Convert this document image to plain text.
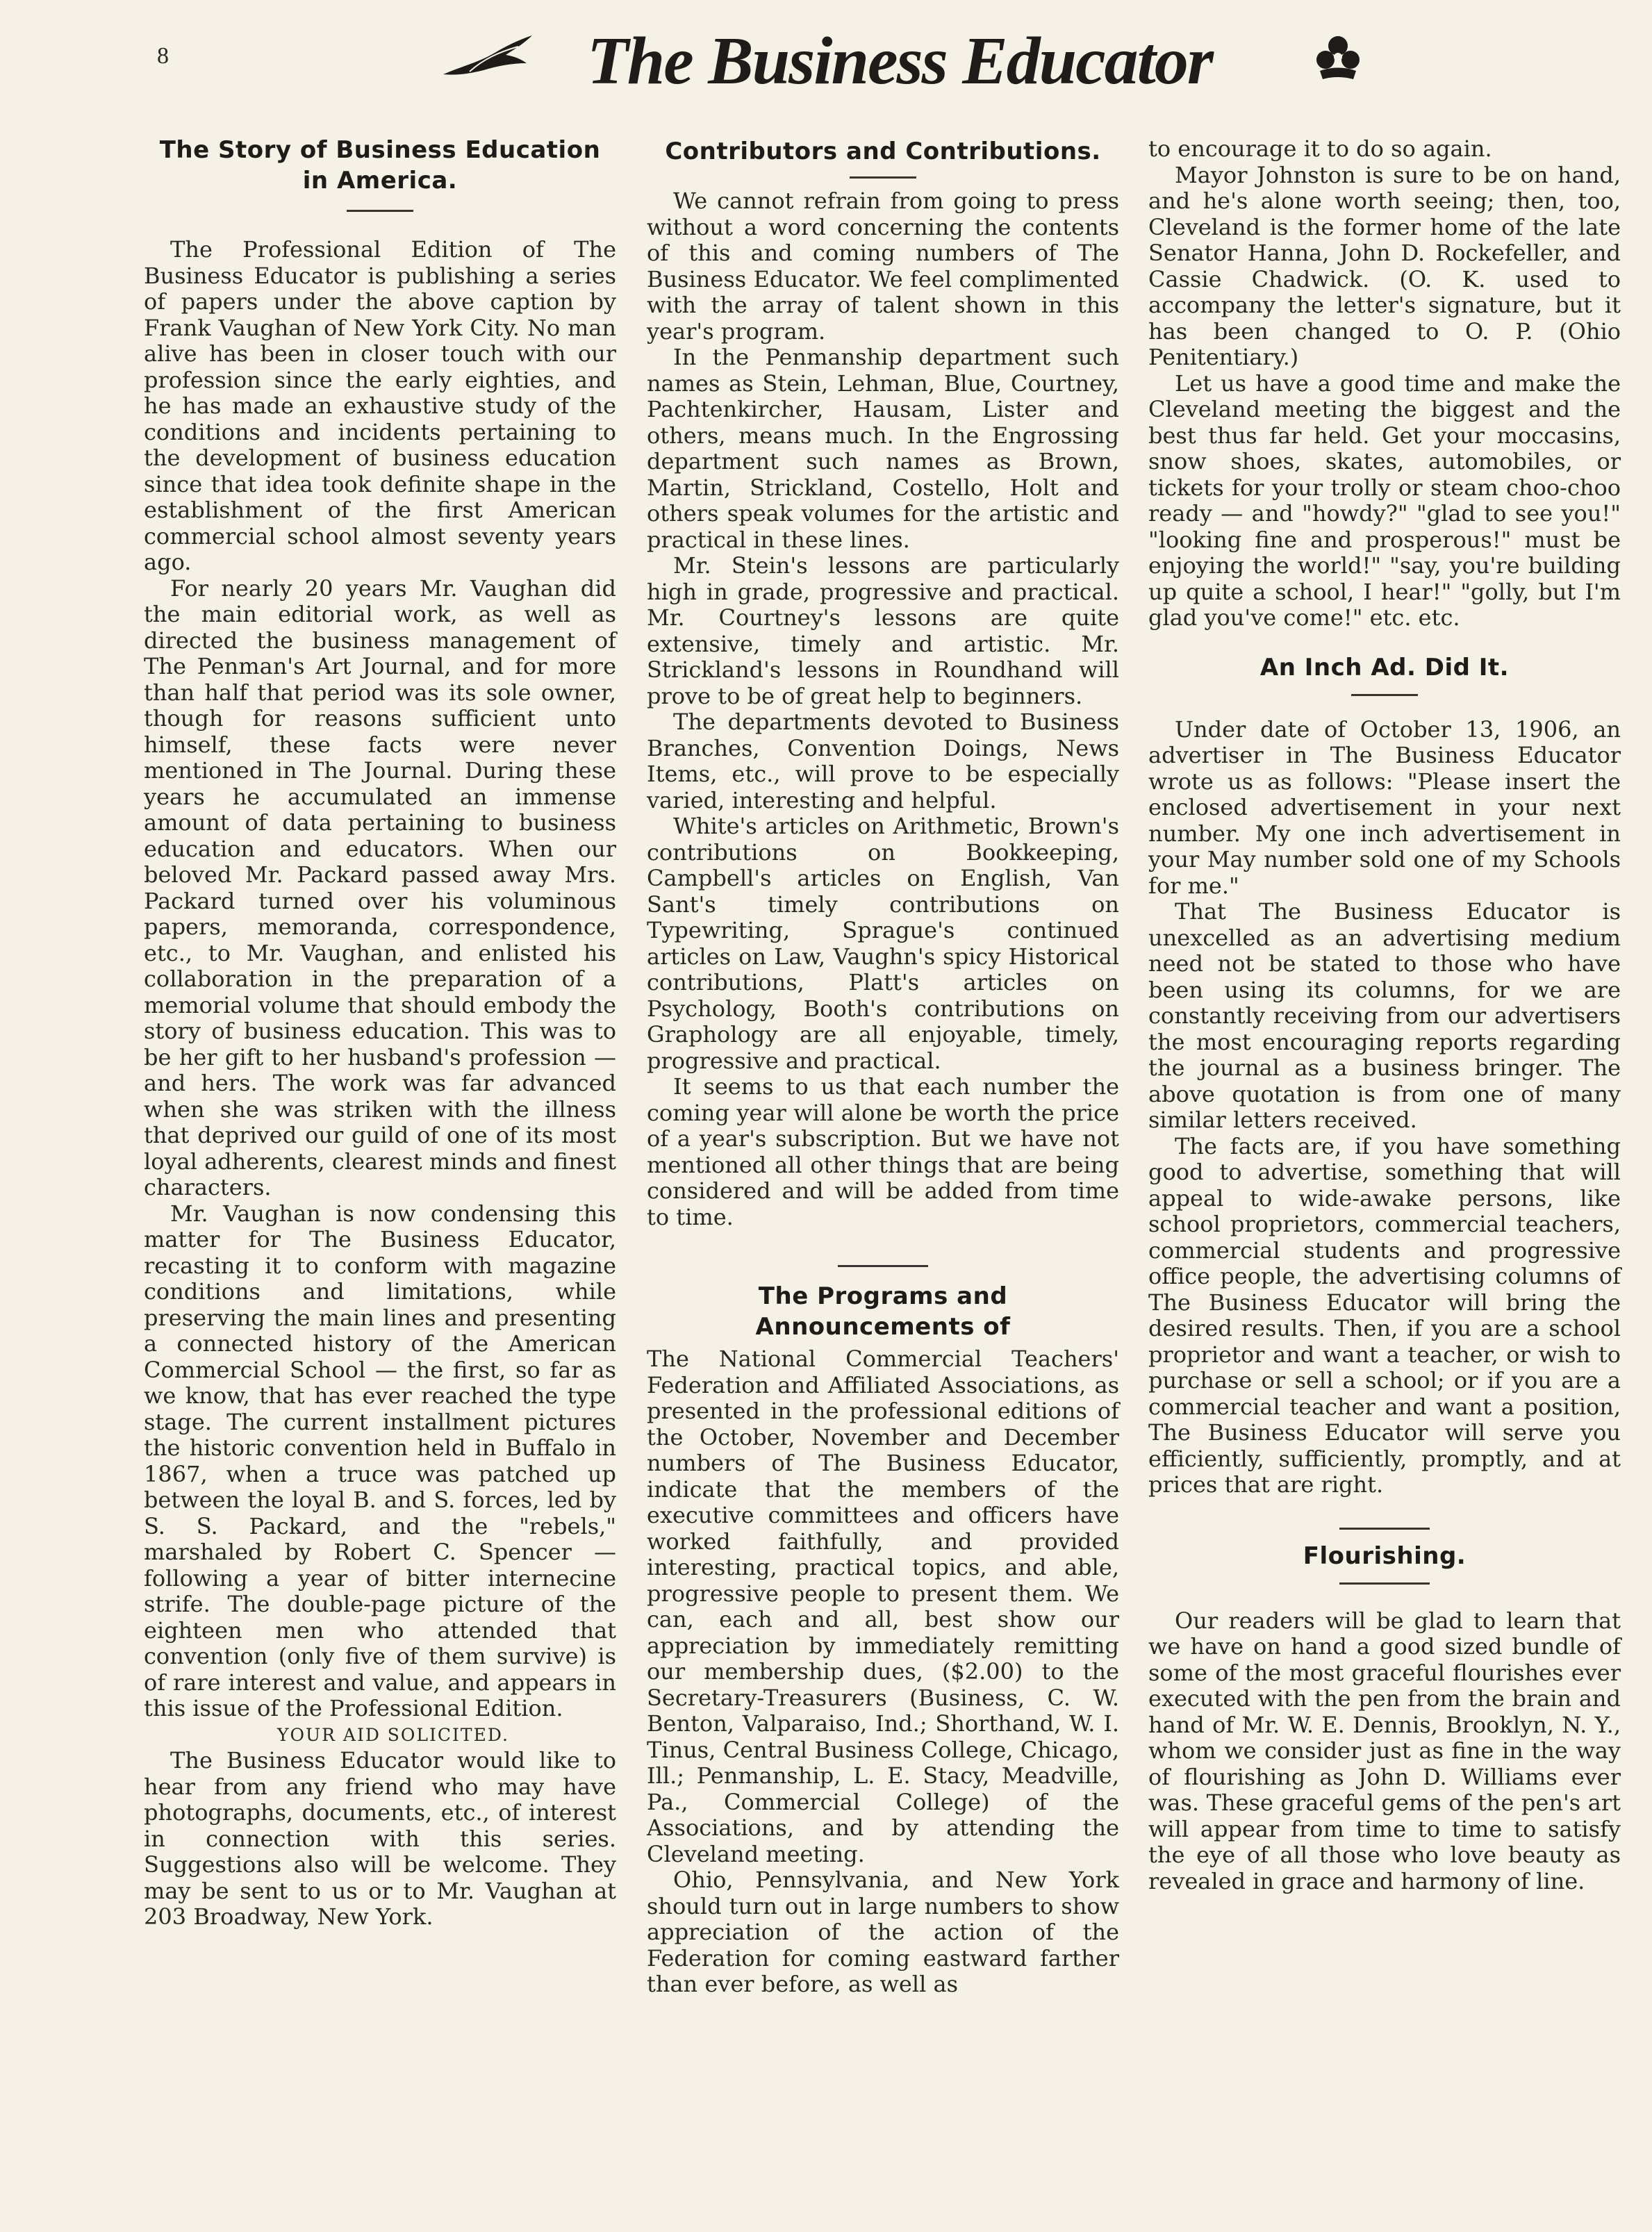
8	The Business Educator
The Story of Business Education in America.

The Professional Edition of The Business Educator is publishing a series of papers under the above caption by Frank Vaughan of New York City. No man alive has been in closer touch with our profession since the early eighties, and he has made an exhaustive study of the conditions and incidents pertaining to the development of business education since that idea took definite shape in the establishment of the first American commercial school almost seventy years ago.

For nearly 20 years Mr. Vaughan did the main editorial work, as well as directed the business management of The Penman's Art Journal, and for more than half that period was its sole owner, though for reasons sufficient unto himself, these facts were never mentioned in The Journal. During these years he accumulated an immense amount of data pertaining to business education and educators. When our beloved Mr. Packard passed away Mrs. Packard turned over his voluminous papers, memoranda, correspondence, etc., to Mr. Vaughan, and enlisted his collaboration in the preparation of a memorial volume that should embody the story of business education. This was to be her gift to her husband's profession — and hers. The work was far advanced when she was striken with the illness that deprived our guild of one of its most loyal adherents, clearest minds and finest characters.

Mr. Vaughan is now condensing this matter for The Business Educator, recasting it to conform with magazine conditions and limitations, while preserving the main lines and presenting a connected history of the American Commercial School — the first, so far as we know, that has ever reached the type stage. The current installment pictures the historic convention held in Buffalo in 1867, when a truce was patched up between the loyal B. and S. forces, led by S. S. Packard, and the "rebels," marshaled by Robert C. Spencer — following a year of bitter internecine strife. The double-page picture of the eighteen men who attended that convention (only five of them survive) is of rare interest and value, and appears in this issue of the Professional Edition.

YOUR AID SOLICITED.

The Business Educator would like to hear from any friend who may have photographs, documents, etc., of interest in connection with this series. Suggestions also will be welcome. They may be sent to us or to Mr. Vaughan at 203 Broadway, New York.

Contributors and Contributions.

We cannot refrain from going to press without a word concerning the contents of this and coming numbers of The Business Educator. We feel complimented with the array of talent shown in this year's program.

In the Penmanship department such names as Stein, Lehman, Blue, Courtney, Pachtenkircher, Hausam, Lister and others, means much. In the Engrossing department such names as Brown, Martin, Strickland, Costello, Holt and others speak volumes for the artistic and practical in these lines.

Mr. Stein's lessons are particularly high in grade, progressive and practical. Mr. Courtney's lessons are quite extensive, timely and artistic. Mr. Strickland's lessons in Roundhand will prove to be of great help to beginners.

The departments devoted to Business Branches, Convention Doings, News Items, etc., will prove to be especially varied, interesting and helpful.

White's articles on Arithmetic, Brown's contributions on Bookkeeping, Campbell's articles on English, Van Sant's timely contributions on Typewriting, Sprague's continued articles on Law, Vaughn's spicy Historical contributions, Platt's articles on Psychology, Booth's contributions on Graphology are all enjoyable, timely, progressive and practical.

It seems to us that each number the coming year will alone be worth the price of a year's subscription. But we have not mentioned all other things that are being considered and will be added from time to time.

The Programs and Announcements of

The National Commercial Teachers' Federation and Affiliated Associations, as presented in the professional editions of the October, November and December numbers of The Business Educator, indicate that the members of the executive committees and officers have worked faithfully, and provided interesting, practical topics, and able, progressive people to present them. We can, each and all, best show our appreciation by immediately remitting our membership dues, ($2.00) to the Secretary-Treasurers (Business, C. W. Benton, Valparaiso, Ind.; Shorthand, W. I. Tinus, Central Business College, Chicago, Ill.; Penmanship, L. E. Stacy, Meadville, Pa., Commercial College) of the Associations, and by attending the Cleveland meeting.

Ohio, Pennsylvania, and New York should turn out in large numbers to show appreciation of the action of the Federation for coming eastward farther than ever before, as well as

to encourage it to do so again.

Mayor Johnston is sure to be on hand, and he's alone worth seeing; then, too, Cleveland is the former home of the late Senator Hanna, John D. Rockefeller, and Cassie Chadwick. (O. K. used to accompany the letter's signature, but it has been changed to O. P. (Ohio Penitentiary.)

Let us have a good time and make the Cleveland meeting the biggest and the best thus far held. Get your moccasins, snow shoes, skates, automobiles, or tickets for your trolly or steam choo-choo ready — and "howdy?" "glad to see you!" "looking fine and prosperous!" must be enjoying the world!" "say, you're building up quite a school, I hear!" "golly, but I'm glad you've come!" etc. etc.

An Inch Ad. Did It.

Under date of October 13, 1906, an advertiser in The Business Educator wrote us as follows: "Please insert the enclosed advertisement in your next number. My one inch advertisement in your May number sold one of my Schools for me."

That The Business Educator is unexcelled as an advertising medium need not be stated to those who have been using its columns, for we are constantly receiving from our advertisers the most encouraging reports regarding the journal as a business bringer. The above quotation is from one of many similar letters received.

The facts are, if you have something good to advertise, something that will appeal to wide-awake persons, like school proprietors, commercial teachers, commercial students and progressive office people, the advertising columns of The Business Educator will bring the desired results. Then, if you are a school proprietor and want a teacher, or wish to purchase or sell a school; or if you are a commercial teacher and want a position, The Business Educator will serve you efficiently, sufficiently, promptly, and at prices that are right.

Flourishing.

Our readers will be glad to learn that we have on hand a good sized bundle of some of the most graceful flourishes ever executed with the pen from the brain and hand of Mr. W. E. Dennis, Brooklyn, N. Y., whom we consider just as fine in the way of flourishing as John D. Williams ever was. These graceful gems of the pen's art will appear from time to time to satisfy the eye of all those who love beauty as revealed in grace and harmony of line.
